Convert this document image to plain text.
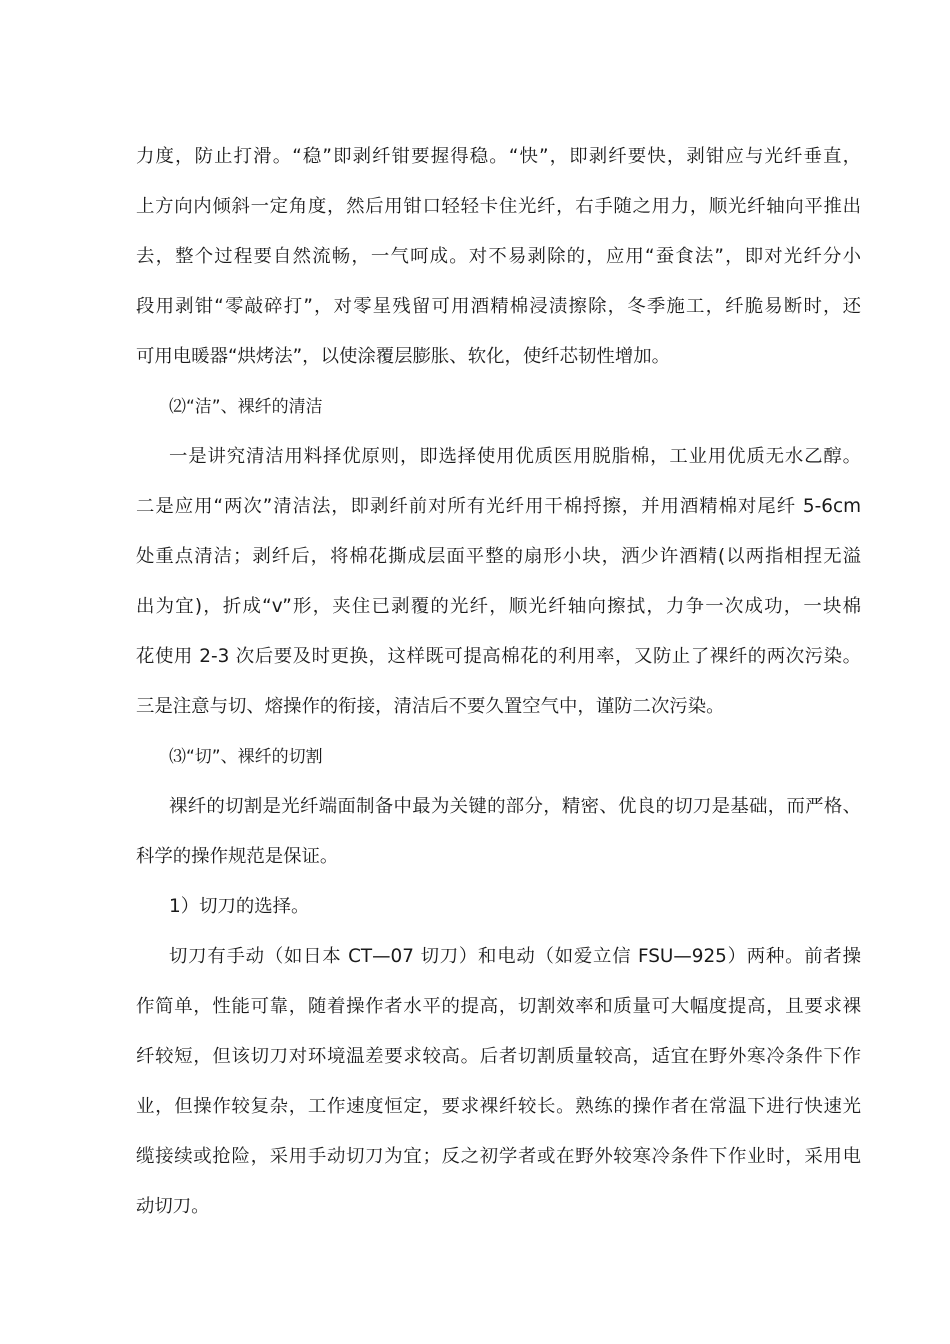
力度，防止打滑。“稳”即剥纤钳要握得稳。“快”，即剥纤要快，剥钳应与光纤垂直，
上方向内倾斜一定角度，然后用钳口轻轻卡住光纤，右手随之用力，顺光纤轴向平推出
去，整个过程要自然流畅，一气呵成。对不易剥除的，应用“蚕食法”，即对光纤分小
段用剥钳“零敲碎打”，对零星残留可用酒精棉浸渍擦除，冬季施工，纤脆易断时，还
可用电暖器“烘烤法”，以使涂覆层膨胀、软化，使纤芯韧性增加。
⑵“洁”、裸纤的清洁
一是讲究清洁用料择优原则，即选择使用优质医用脱脂棉，工业用优质无水乙醇。
二是应用“两次”清洁法，即剥纤前对所有光纤用干棉捋擦，并用酒精棉对尾纤 5-6cm
处重点清洁；剥纤后，将棉花撕成层面平整的扇形小块，洒少许酒精(以两指相捏无溢
出为宜)，折成“v”形，夹住已剥覆的光纤，顺光纤轴向擦拭，力争一次成功，一块棉
花使用 2-3 次后要及时更换，这样既可提高棉花的利用率，又防止了裸纤的两次污染。
三是注意与切、熔操作的衔接，清洁后不要久置空气中，谨防二次污染。
⑶“切”、裸纤的切割
裸纤的切割是光纤端面制备中最为关键的部分，精密、优良的切刀是基础，而严格、
科学的操作规范是保证。
1）切刀的选择。
切刀有手动（如日本 CT—07 切刀）和电动（如爱立信 FSU—925）两种。前者操
作简单，性能可靠，随着操作者水平的提高，切割效率和质量可大幅度提高，且要求裸
纤较短，但该切刀对环境温差要求较高。后者切割质量较高，适宜在野外寒冷条件下作
业，但操作较复杂，工作速度恒定，要求裸纤较长。熟练的操作者在常温下进行快速光
缆接续或抢险，采用手动切刀为宜；反之初学者或在野外较寒冷条件下作业时，采用电
动切刀。
